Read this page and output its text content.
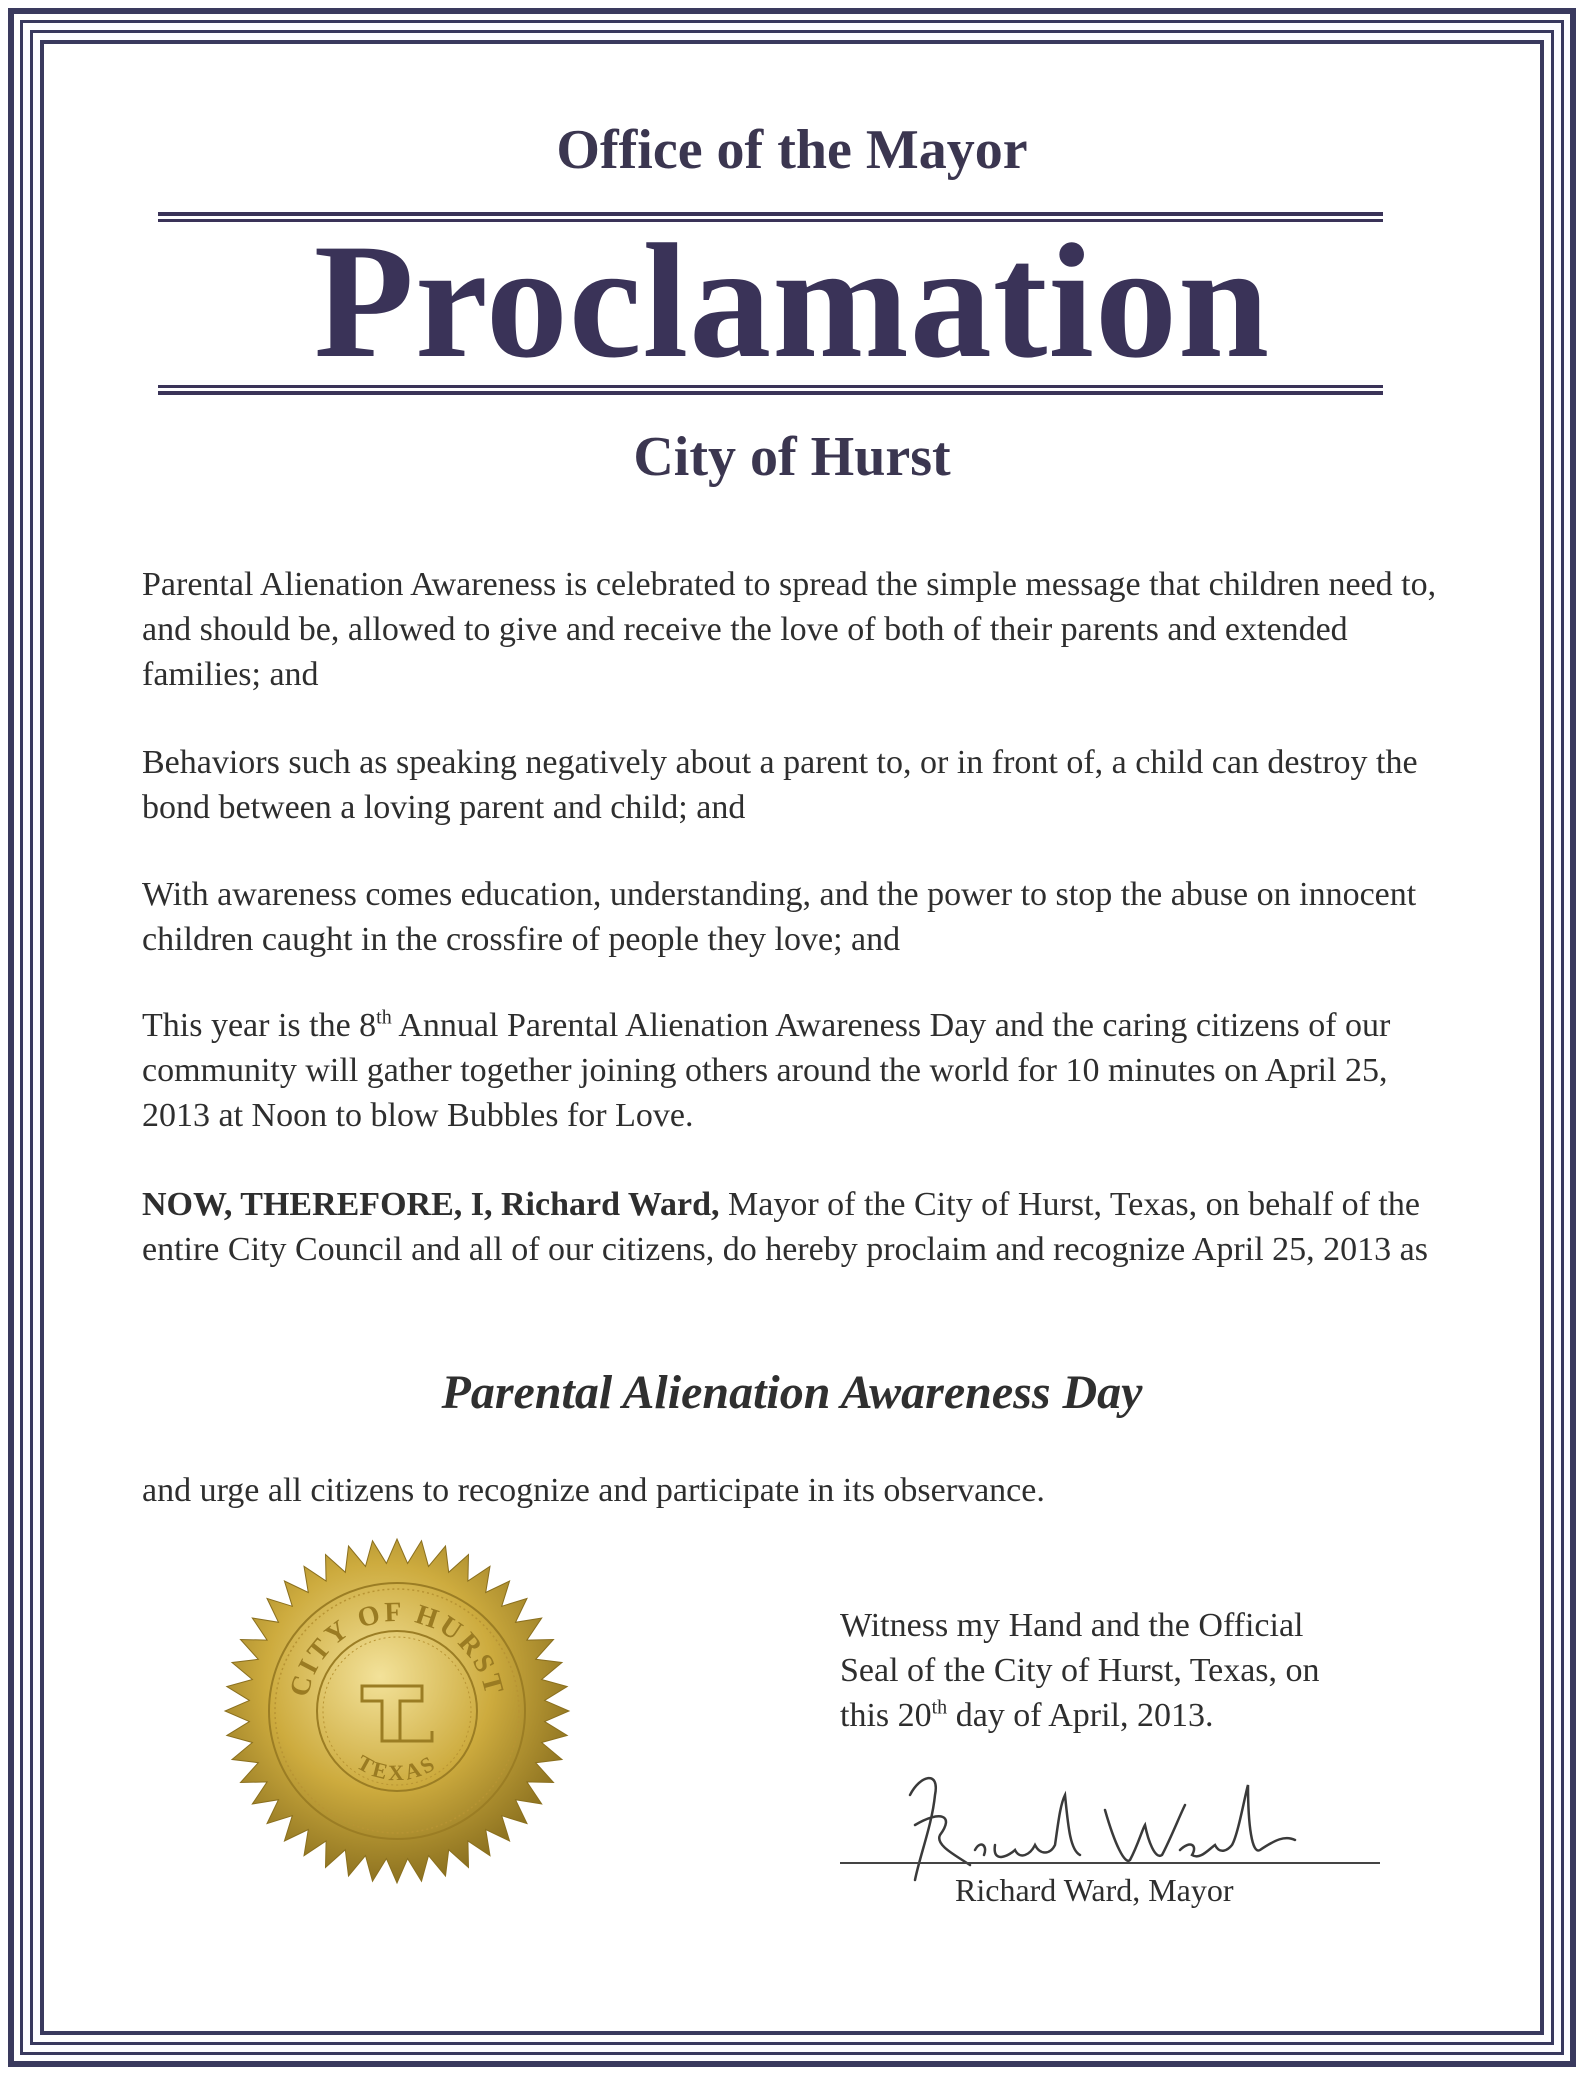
Office of the Mayor
Proclamation
City of Hurst

Parental Alienation Awareness is celebrated to spread the simple message that children need to, and should be, allowed to give and receive the love of both of their parents and extended families; and

Behaviors such as speaking negatively about a parent to, or in front of, a child can destroy the bond between a loving parent and child; and

With awareness comes education, understanding, and the power to stop the abuse on innocent children caught in the crossfire of people they love; and

This year is the 8th Annual Parental Alienation Awareness Day and the caring citizens of our community will gather together joining others around the world for 10 minutes on April 25, 2013 at Noon to blow Bubbles for Love.

NOW, THEREFORE, I, Richard Ward, Mayor of the City of Hurst, Texas, on behalf of the entire City Council and all of our citizens, do hereby proclaim and recognize April 25, 2013 as

Parental Alienation Awareness Day
and urge all citizens to recognize and participate in its observance.
Witness my Hand and the Official
Seal of the City of Hurst, Texas, on
this 20th day of April, 2013.
CITY OF HURST
TEXAS
Richard Ward, Mayor
